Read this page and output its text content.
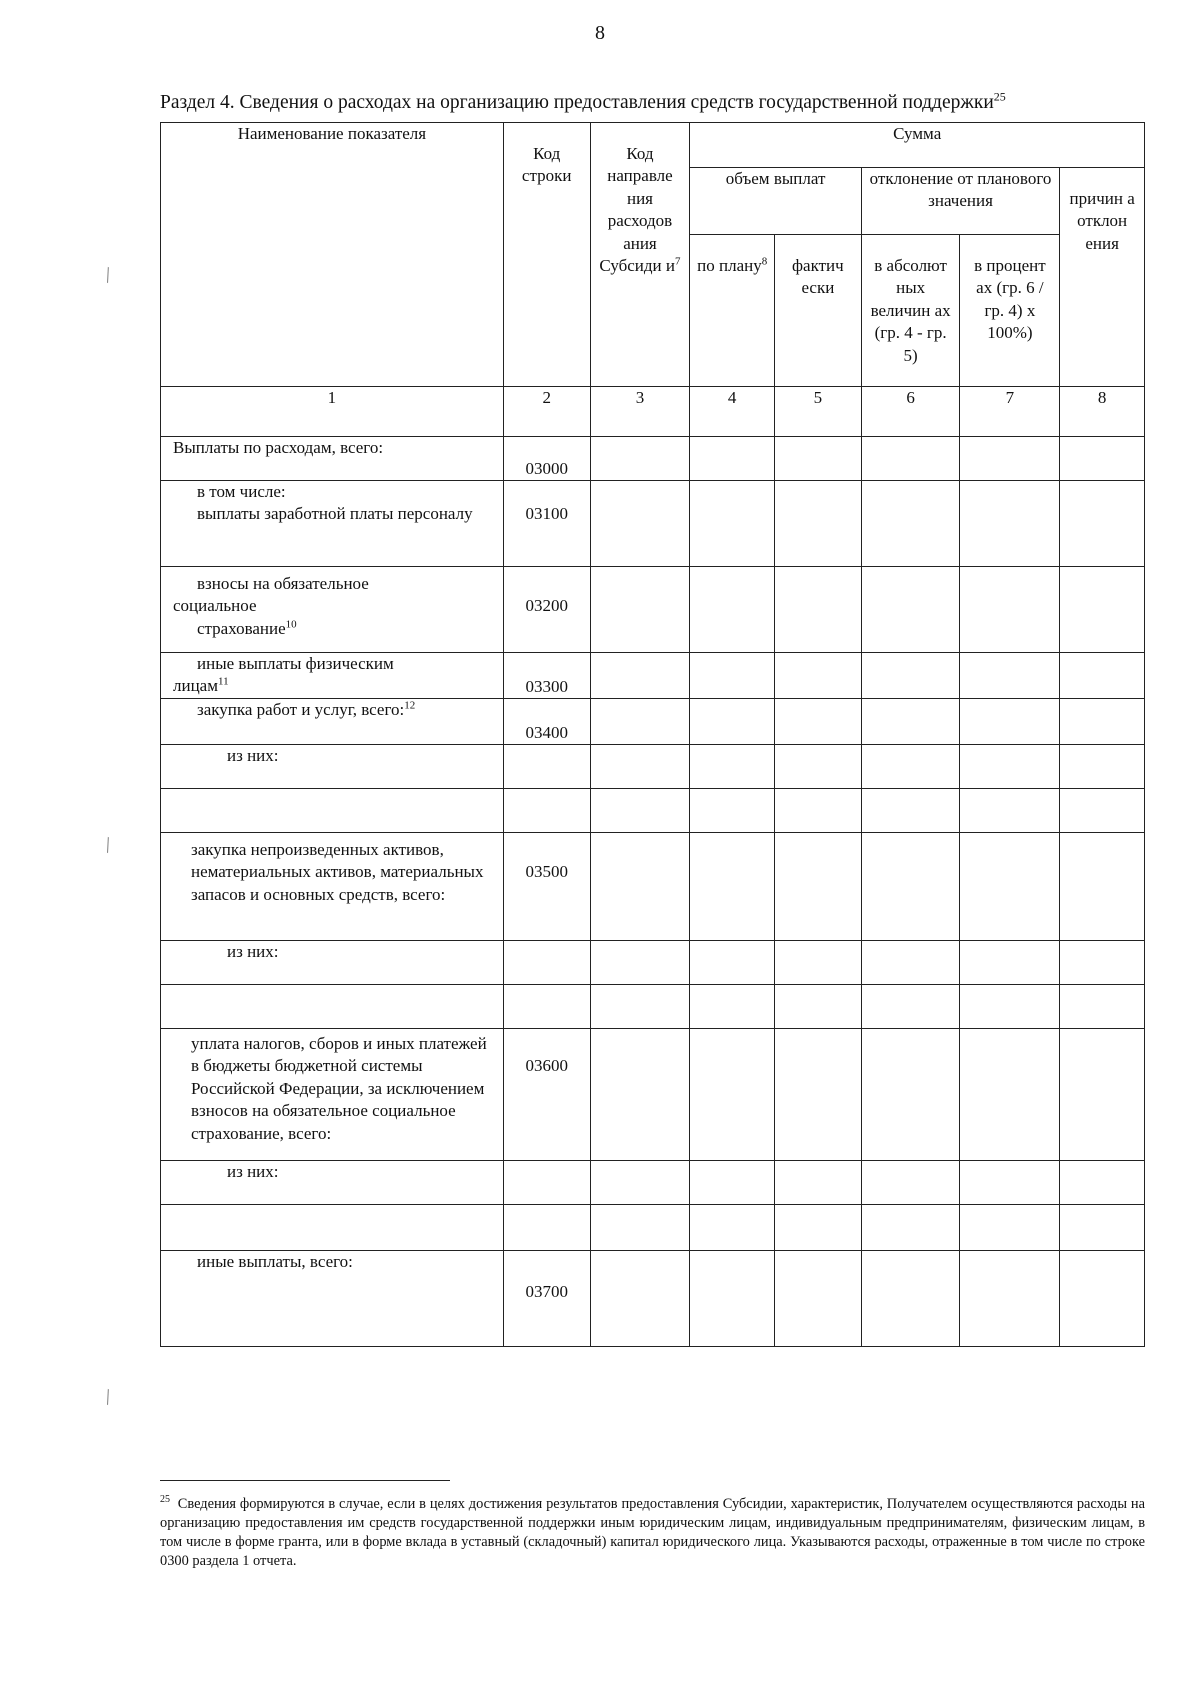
8
Раздел 4. Сведения о расходах на организацию предоставления средств государственной поддержки$^{25}$
Наименование показателя	Код строки	Код направле ния расходов ания Субсиди $и^7$	Сумма				
			объем выплат		отклонение от планового значения		причин а отклон ения
			по плану$^8$	фактич ески	в абсолют ных величин ах (гр. 4 - гр. 5)	в процент ах (гр. 6 / гр. 4) х 100%)	
1	2	3	4	5	6	7	8
Выплаты по расходам, всего:	03000						

в том числе:
выплаты заработной платы персоналу	03100						

взносы на обязательное
социальное
страхование$^{10}$	03200						

иные выплаты физическим
лицам$^{11}$	03300						

закупка работ и услуг, всего:$^{12}$	03400						

из них:							

закупка непроизведенных активов, нематериальных активов, материальных запасов и основных средств, всего:	03500						

из них:							

уплата налогов, сборов и иных платежей в бюджеты бюджетной системы Российской Федерации, за исключением взносов на обязательное социальное страхование, всего:	03600						

из них:							

иные выплаты, всего:	03700						
$^{25}$ Сведения формируются в случае, если в целях достижения результатов предоставления Субсидии, характеристик, Получателем осуществляются расходы на организацию предоставления им средств государственной поддержки иным юридическим лицам, индивидуальным предпринимателям, физическим лицам, в том числе в форме гранта, или в форме вклада в уставный (складочный) капитал юридического лица. Указываются расходы, отраженные в том числе по строке 0300 раздела 1 отчета.
╲
╲
╲
